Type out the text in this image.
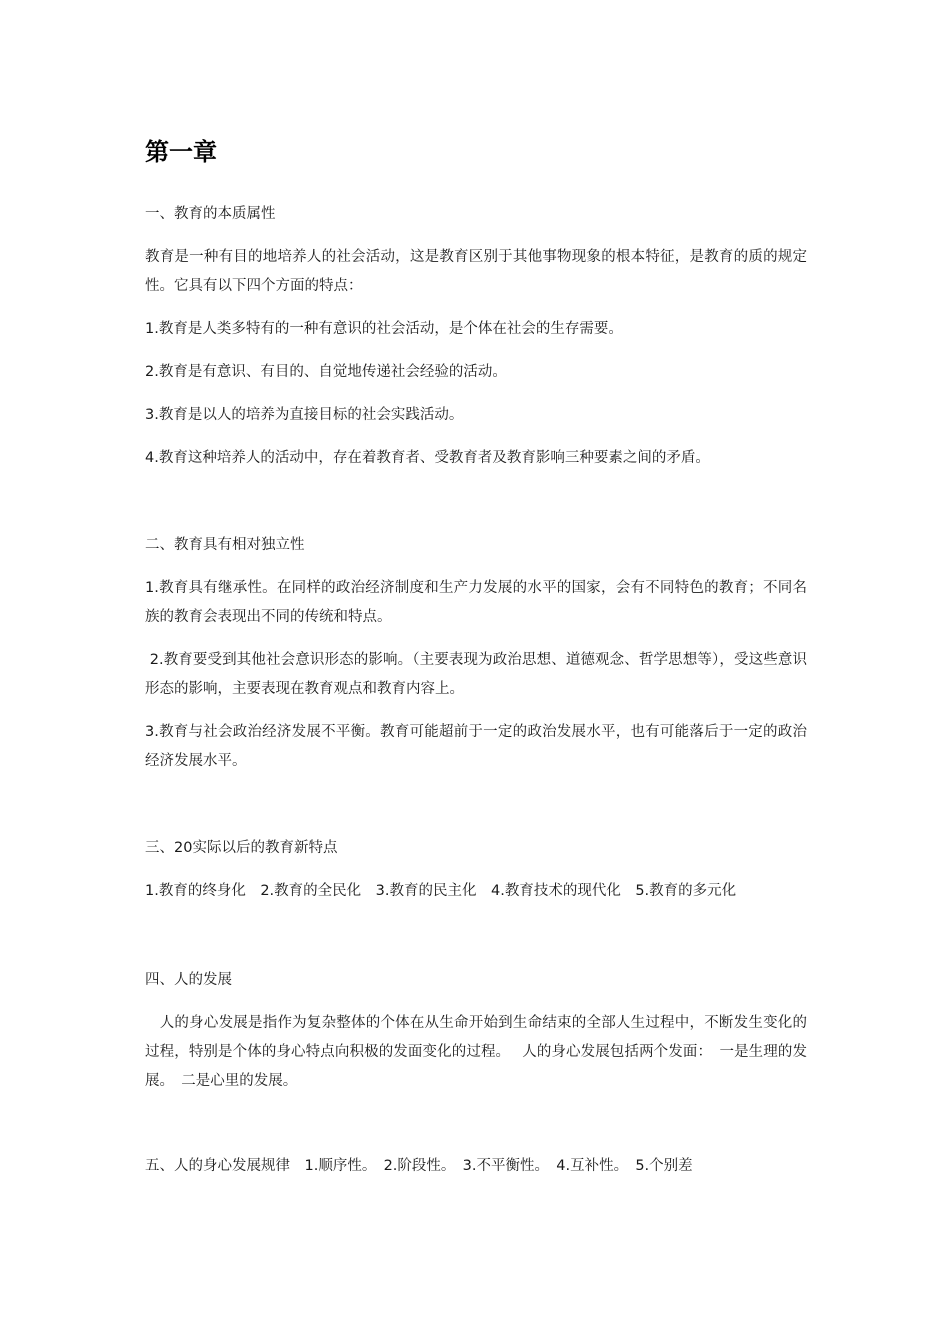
第一章

一、教育的本质属性

教育是一种有目的地培养人的社会活动，这是教育区别于其他事物现象的根本特征，是教育的质的规定性。它具有以下四个方面的特点：

1.教育是人类多特有的一种有意识的社会活动，是个体在社会的生存需要。

2.教育是有意识、有目的、自觉地传递社会经验的活动。

3.教育是以人的培养为直接目标的社会实践活动。

4.教育这种培养人的活动中，存在着教育者、受教育者及教育影响三种要素之间的矛盾。

二、教育具有相对独立性

1.教育具有继承性。在同样的政治经济制度和生产力发展的水平的国家，会有不同特色的教育；不同名族的教育会表现出不同的传统和特点。

2.教育要受到其他社会意识形态的影响。（主要表现为政治思想、道德观念、哲学思想等），受这些意识形态的影响，主要表现在教育观点和教育内容上。

3.教育与社会政治经济发展不平衡。教育可能超前于一定的政治发展水平，也有可能落后于一定的政治经济发展水平。

三、20实际以后的教育新特点

1.教育的终身化　2.教育的全民化　3.教育的民主化　4.教育技术的现代化　5.教育的多元化

四、人的发展

　人的身心发展是指作为复杂整体的个体在从生命开始到生命结束的全部人生过程中，不断发生变化的过程，特别是个体的身心特点向积极的发面变化的过程。　 人的身心发展包括两个发面：　一是生理的发展。　二是心里的发展。

五、人的身心发展规律　1.顺序性。　2.阶段性。　3.不平衡性。　4.互补性。　5.个别差
